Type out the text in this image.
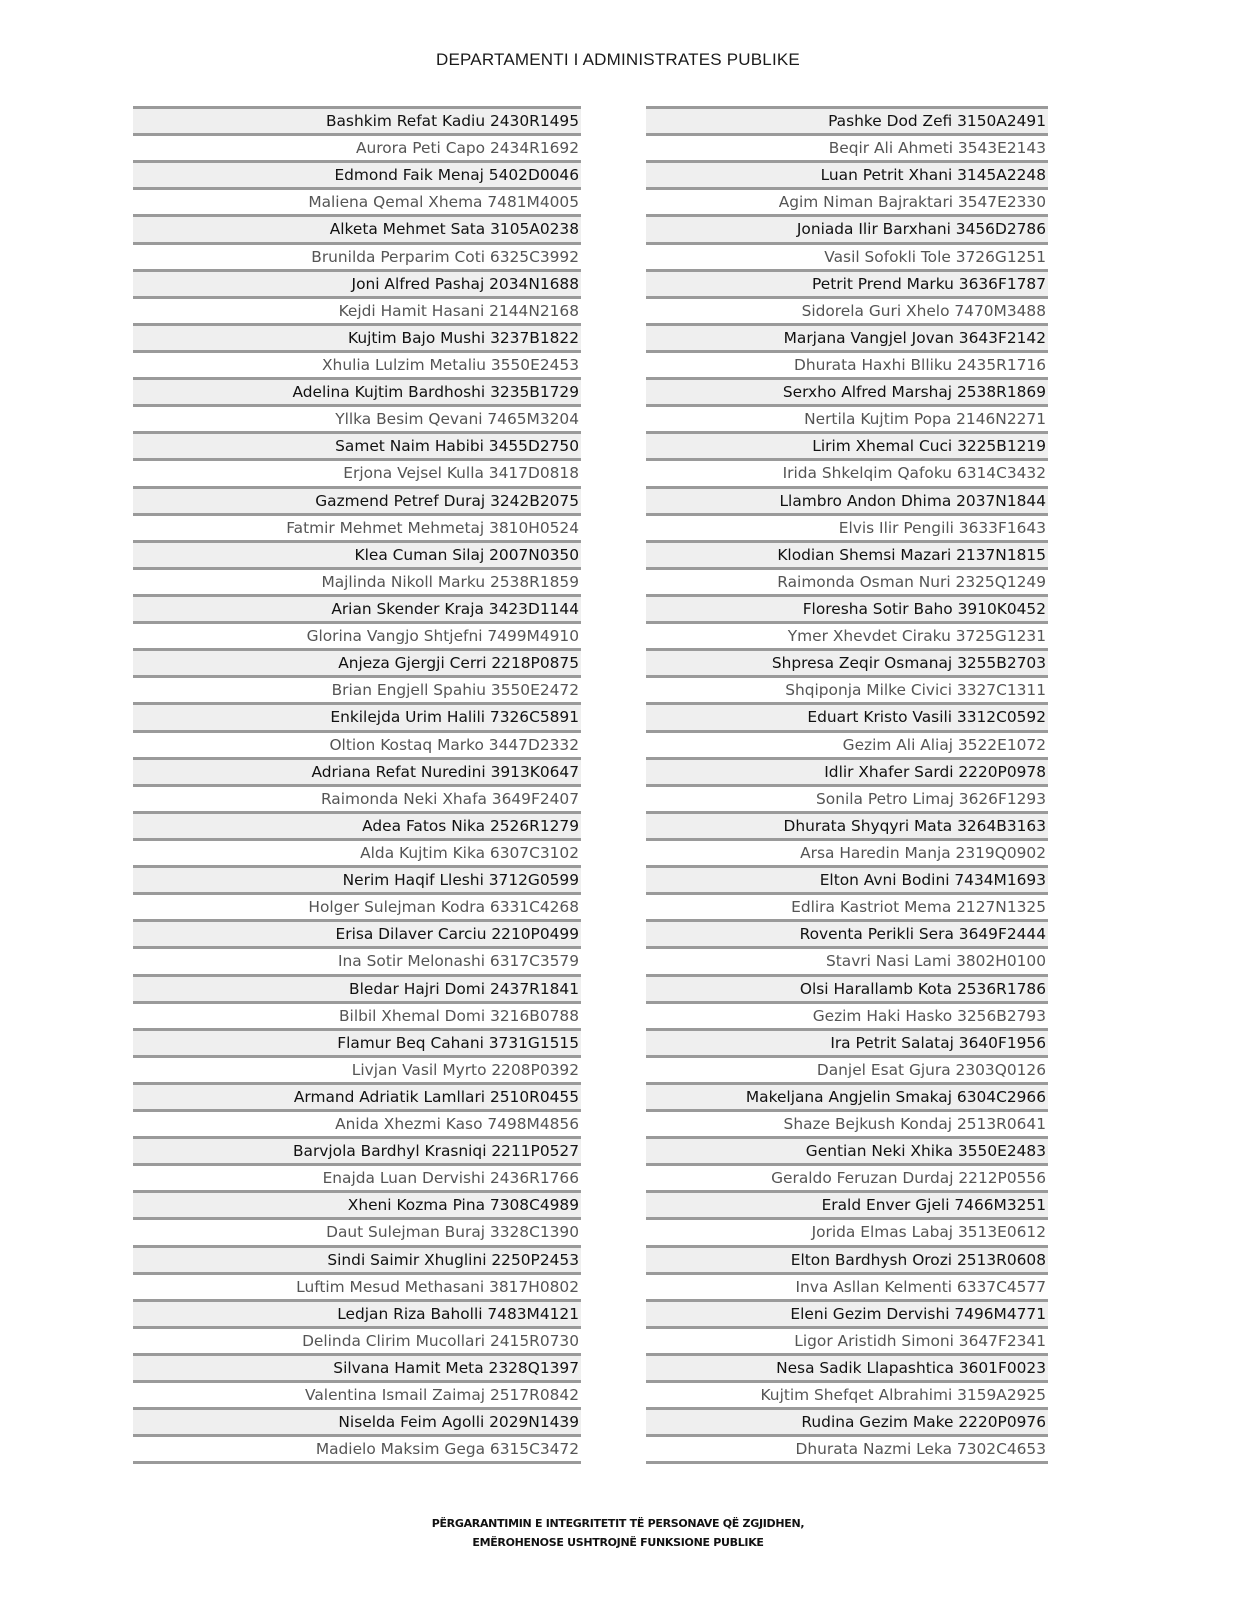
DEPARTAMENTI I ADMINISTRATES PUBLIKE
Bashkim Refat Kadiu 2430R1495
Aurora Peti Capo 2434R1692
Edmond Faik Menaj 5402D0046
Maliena Qemal Xhema 7481M4005
Alketa Mehmet Sata 3105A0238
Brunilda Perparim Coti 6325C3992
Joni Alfred Pashaj 2034N1688
Kejdi Hamit Hasani 2144N2168
Kujtim Bajo Mushi 3237B1822
Xhulia Lulzim Metaliu 3550E2453
Adelina Kujtim Bardhoshi 3235B1729
Yllka Besim Qevani 7465M3204
Samet Naim Habibi 3455D2750
Erjona Vejsel Kulla 3417D0818
Gazmend Petref Duraj 3242B2075
Fatmir Mehmet Mehmetaj 3810H0524
Klea Cuman Silaj 2007N0350
Majlinda Nikoll Marku 2538R1859
Arian Skender Kraja 3423D1144
Glorina Vangjo Shtjefni 7499M4910
Anjeza Gjergji Cerri 2218P0875
Brian Engjell Spahiu 3550E2472
Enkilejda Urim Halili 7326C5891
Oltion Kostaq Marko 3447D2332
Adriana Refat Nuredini 3913K0647
Raimonda Neki Xhafa 3649F2407
Adea Fatos Nika 2526R1279
Alda Kujtim Kika 6307C3102
Nerim Haqif Lleshi 3712G0599
Holger Sulejman Kodra 6331C4268
Erisa Dilaver Carciu 2210P0499
Ina Sotir Melonashi 6317C3579
Bledar Hajri Domi 2437R1841
Bilbil Xhemal Domi 3216B0788
Flamur Beq Cahani 3731G1515
Livjan Vasil Myrto 2208P0392
Armand Adriatik Lamllari 2510R0455
Anida Xhezmi Kaso 7498M4856
Barvjola Bardhyl Krasniqi 2211P0527
Enajda Luan Dervishi 2436R1766
Xheni Kozma Pina 7308C4989
Daut Sulejman Buraj 3328C1390
Sindi Saimir Xhuglini 2250P2453
Luftim Mesud Methasani 3817H0802
Ledjan Riza Baholli 7483M4121
Delinda Clirim Mucollari 2415R0730
Silvana Hamit Meta 2328Q1397
Valentina Ismail Zaimaj 2517R0842
Niselda Feim Agolli 2029N1439
Madielo Maksim Gega 6315C3472
Pashke Dod Zefi 3150A2491
Beqir Ali Ahmeti 3543E2143
Luan Petrit Xhani 3145A2248
Agim Niman Bajraktari 3547E2330
Joniada Ilir Barxhani 3456D2786
Vasil Sofokli Tole 3726G1251
Petrit Prend Marku 3636F1787
Sidorela Guri Xhelo 7470M3488
Marjana Vangjel Jovan 3643F2142
Dhurata Haxhi Blliku 2435R1716
Serxho Alfred Marshaj 2538R1869
Nertila Kujtim Popa 2146N2271
Lirim Xhemal Cuci 3225B1219
Irida Shkelqim Qafoku 6314C3432
Llambro Andon Dhima 2037N1844
Elvis Ilir Pengili 3633F1643
Klodian Shemsi Mazari 2137N1815
Raimonda Osman Nuri 2325Q1249
Floresha Sotir Baho 3910K0452
Ymer Xhevdet Ciraku 3725G1231
Shpresa Zeqir Osmanaj 3255B2703
Shqiponja Milke Civici 3327C1311
Eduart Kristo Vasili 3312C0592
Gezim Ali Aliaj 3522E1072
Idlir Xhafer Sardi 2220P0978
Sonila Petro Limaj 3626F1293
Dhurata Shyqyri Mata 3264B3163
Arsa Haredin Manja 2319Q0902
Elton Avni Bodini 7434M1693
Edlira Kastriot Mema 2127N1325
Roventa Perikli Sera 3649F2444
Stavri Nasi Lami 3802H0100
Olsi Harallamb Kota 2536R1786
Gezim Haki Hasko 3256B2793
Ira Petrit Salataj 3640F1956
Danjel Esat Gjura 2303Q0126
Makeljana Angjelin Smakaj 6304C2966
Shaze Bejkush Kondaj 2513R0641
Gentian Neki Xhika 3550E2483
Geraldo Feruzan Durdaj 2212P0556
Erald Enver Gjeli 7466M3251
Jorida Elmas Labaj 3513E0612
Elton Bardhysh Orozi 2513R0608
Inva Asllan Kelmenti 6337C4577
Eleni Gezim Dervishi 7496M4771
Ligor Aristidh Simoni 3647F2341
Nesa Sadik Llapashtica 3601F0023
Kujtim Shefqet Albrahimi 3159A2925
Rudina Gezim Make 2220P0976
Dhurata Nazmi Leka 7302C4653
PËRGARANTIMIN E INTEGRITETIT TË PERSONAVE QË ZGJIDHEN,
EMËROHENOSE USHTROJNË FUNKSIONE PUBLIKE
